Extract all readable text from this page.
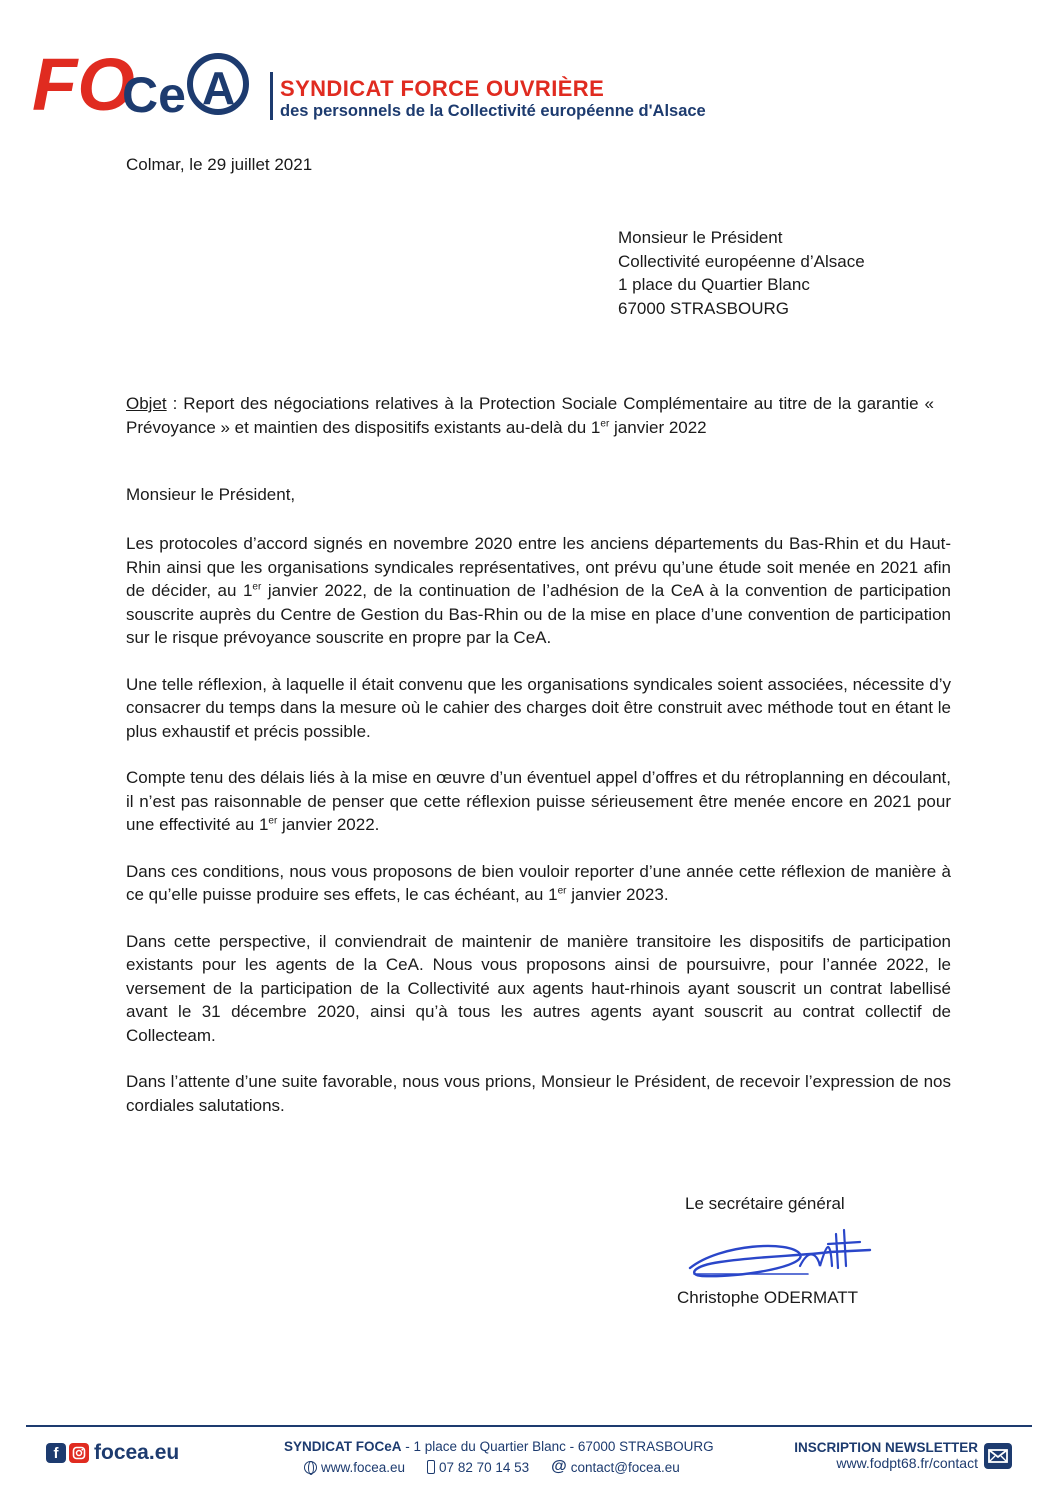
FO
Ce A SYNDICAT FORCE OUVRIÈRE
des personnels de la Collectivité européenne d'Alsace
Colmar, le 29 juillet 2021
Monsieur le Président
Collectivité européenne d’Alsace
1 place du Quartier Blanc
67000 STRASBOURG
Objet : Report des négociations relatives à la Protection Sociale Complémentaire au titre de la garantie « Prévoyance » et maintien des dispositifs existants au-delà du 1er janvier 2022
Monsieur le Président,

Les protocoles d’accord signés en novembre 2020 entre les anciens départements du Bas-Rhin et du Haut-Rhin ainsi que les organisations syndicales représentatives, ont prévu qu’une étude soit menée en 2021 afin de décider, au 1er janvier 2022, de la continuation de l’adhésion de la CeA à la convention de participation souscrite auprès du Centre de Gestion du Bas-Rhin ou de la mise en place d’une convention de participation sur le risque prévoyance souscrite en propre par la CeA.

Une telle réflexion, à laquelle il était convenu que les organisations syndicales soient associées, nécessite d’y consacrer du temps dans la mesure où le cahier des charges doit être construit avec méthode tout en étant le plus exhaustif et précis possible.

Compte tenu des délais liés à la mise en œuvre d’un éventuel appel d’offres et du rétroplanning en découlant, il n’est pas raisonnable de penser que cette réflexion puisse sérieusement être menée encore en 2021 pour une effectivité au 1er janvier 2022.

Dans ces conditions, nous vous proposons de bien vouloir reporter d’une année cette réflexion de manière à ce qu’elle puisse produire ses effets, le cas échéant, au 1er janvier 2023.

Dans cette perspective, il conviendrait de maintenir de manière transitoire les dispositifs de participation existants pour les agents de la CeA. Nous vous proposons ainsi de poursuivre, pour l’année 2022, le versement de la participation de la Collectivité aux agents haut-rhinois ayant souscrit un contrat labellisé avant le 31 décembre 2020, ainsi qu’à tous les autres agents ayant souscrit au contrat collectif de Collecteam.

Dans l’attente d’une suite favorable, nous vous prions, Monsieur le Président, de recevoir l’expression de nos cordiales salutations.

Le secrétaire général
Christophe ODERMATT
f	focea.eu	SYNDICAT FOCeA - 1 place du Quartier Blanc - 67000 STRASBOURG
www.focea.eu	07 82 70 14 53 @ contact@focea.eu
INSCRIPTION NEWSLETTER
www.fodpt68.fr/contact
